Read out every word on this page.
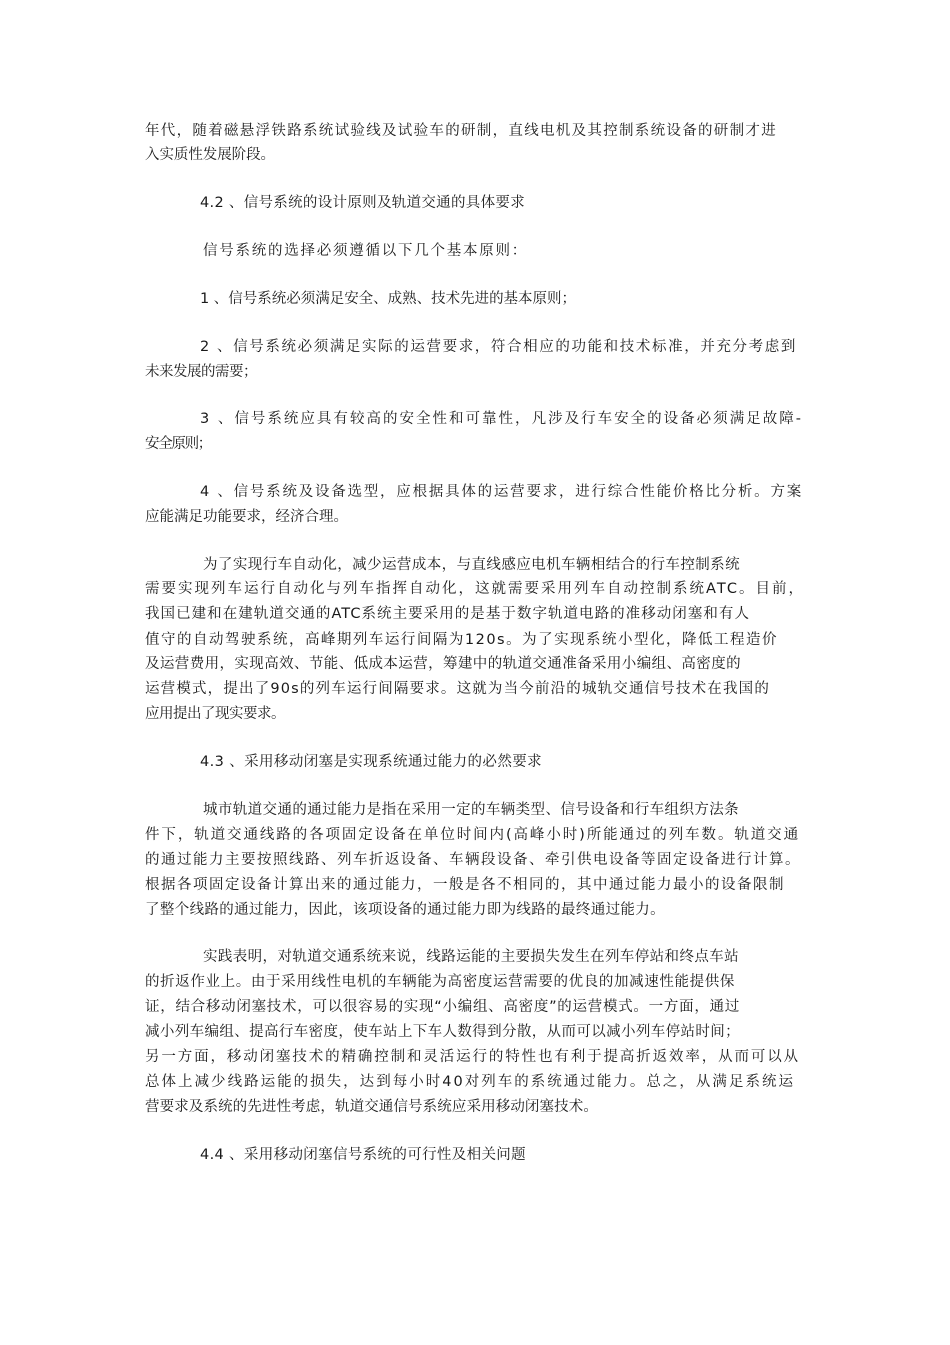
年代，随着磁悬浮铁路系统试验线及试验车的研制，直线电机及其控制系统设备的研制才进
入实质性发展阶段。
4.2 、信号系统的设计原则及轨道交通的具体要求
信号系统的选择必须遵循以下几个基本原则：
1 、信号系统必须满足安全、成熟、技术先进的基本原则；
2 、信号系统必须满足实际的运营要求，符合相应的功能和技术标准，并充分考虑到
未来发展的需要；
3 、信号系统应具有较高的安全性和可靠性，凡涉及行车安全的设备必须满足故障-
安全原则；
4 、信号系统及设备选型，应根据具体的运营要求，进行综合性能价格比分析。方案
应能满足功能要求，经济合理。
为了实现行车自动化，减少运营成本，与直线感应电机车辆相结合的行车控制系统
需要实现列车运行自动化与列车指挥自动化，这就需要采用列车自动控制系统ATC。目前，
我国已建和在建轨道交通的ATC系统主要采用的是基于数字轨道电路的准移动闭塞和有人
值守的自动驾驶系统，高峰期列车运行间隔为120s。为了实现系统小型化，降低工程造价
及运营费用，实现高效、节能、低成本运营，筹建中的轨道交通准备采用小编组、高密度的
运营模式，提出了90s的列车运行间隔要求。这就为当今前沿的城轨交通信号技术在我国的
应用提出了现实要求。
4.3 、采用移动闭塞是实现系统通过能力的必然要求
城市轨道交通的通过能力是指在采用一定的车辆类型、信号设备和行车组织方法条
件下，轨道交通线路的各项固定设备在单位时间内(高峰小时)所能通过的列车数。轨道交通
的通过能力主要按照线路、列车折返设备、车辆段设备、牵引供电设备等固定设备进行计算。
根据各项固定设备计算出来的通过能力，一般是各不相同的，其中通过能力最小的设备限制
了整个线路的通过能力，因此，该项设备的通过能力即为线路的最终通过能力。
实践表明，对轨道交通系统来说，线路运能的主要损失发生在列车停站和终点车站
的折返作业上。由于采用线性电机的车辆能为高密度运营需要的优良的加减速性能提供保
证，结合移动闭塞技术，可以很容易的实现“小编组、高密度”的运营模式。一方面，通过
减小列车编组、提高行车密度，使车站上下车人数得到分散，从而可以减小列车停站时间；
另一方面，移动闭塞技术的精确控制和灵活运行的特性也有利于提高折返效率，从而可以从
总体上减少线路运能的损失，达到每小时40对列车的系统通过能力。总之，从满足系统运
营要求及系统的先进性考虑，轨道交通信号系统应采用移动闭塞技术。
4.4 、采用移动闭塞信号系统的可行性及相关问题
